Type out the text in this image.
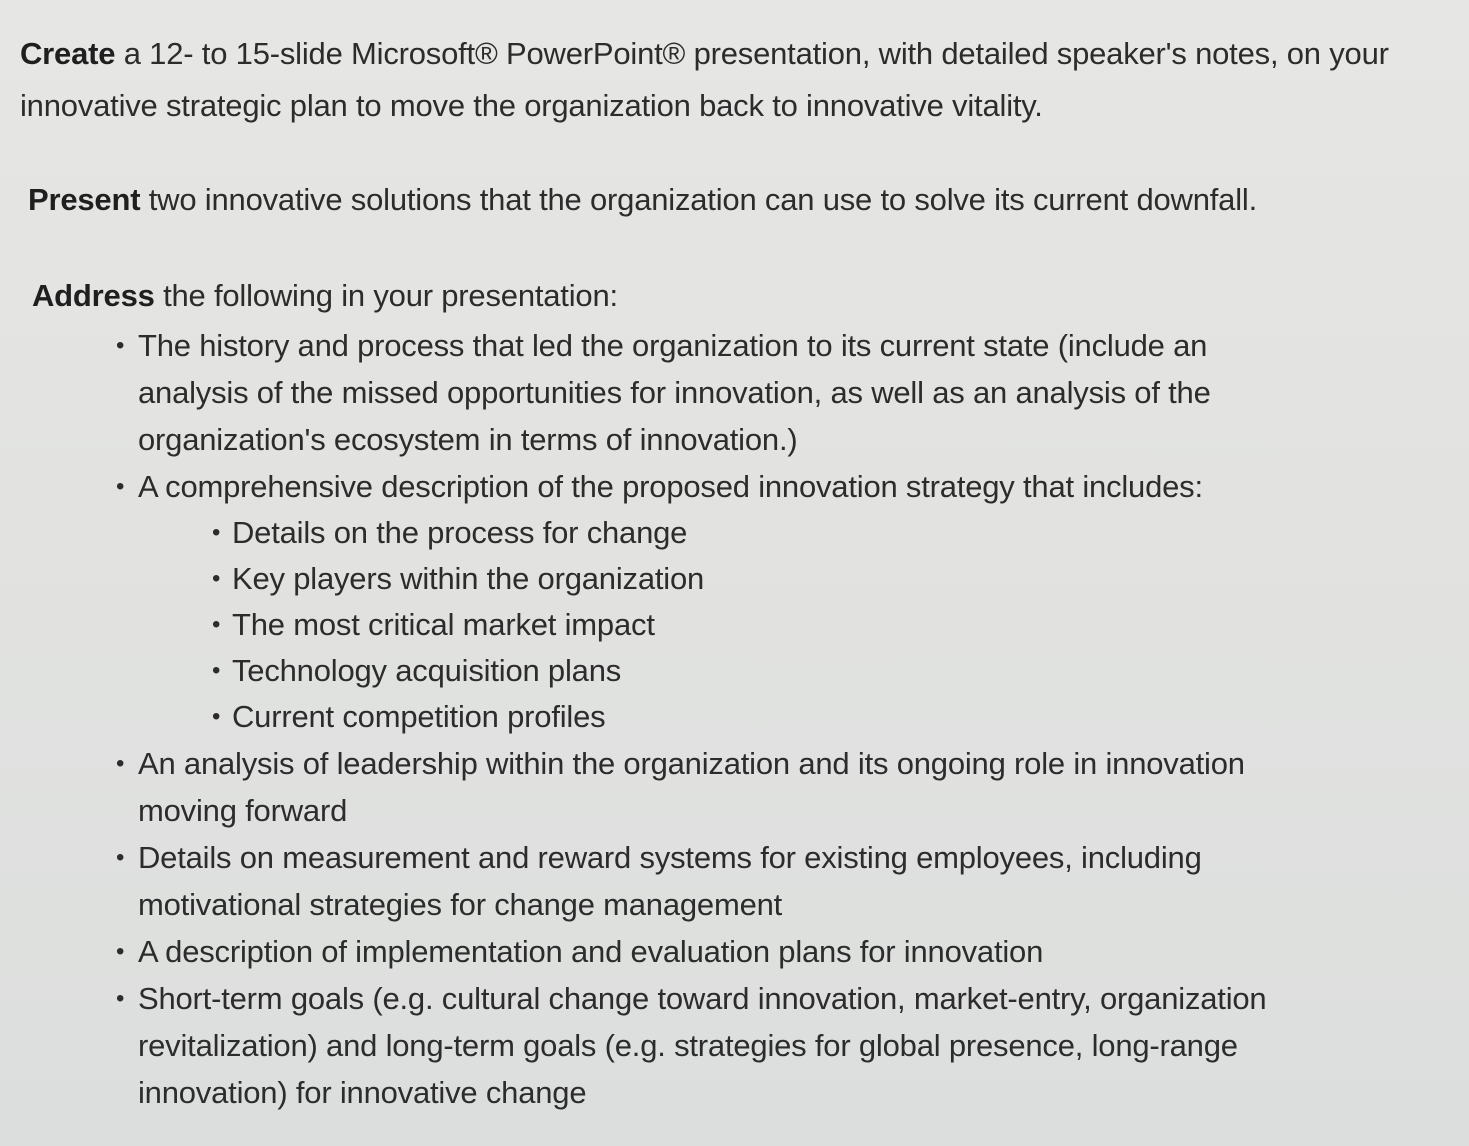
Create a 12- to 15-slide Microsoft® PowerPoint® presentation, with detailed speaker's notes, on your innovative strategic plan to move the organization back to innovative vitality.

Present two innovative solutions that the organization can use to solve its current downfall.

Address the following in your presentation:

• The history and process that led the organization to its current state (include an analysis of the missed opportunities for innovation, as well as an analysis of the organization's ecosystem in terms of innovation.)
• A comprehensive description of the proposed innovation strategy that includes:
• Details on the process for change
• Key players within the organization
• The most critical market impact
• Technology acquisition plans
• Current competition profiles
• An analysis of leadership within the organization and its ongoing role in innovation moving forward
• Details on measurement and reward systems for existing employees, including motivational strategies for change management
• A description of implementation and evaluation plans for innovation
• Short-term goals (e.g. cultural change toward innovation, market-entry, organization revitalization) and long-term goals (e.g. strategies for global presence, long-range innovation) for innovative change
